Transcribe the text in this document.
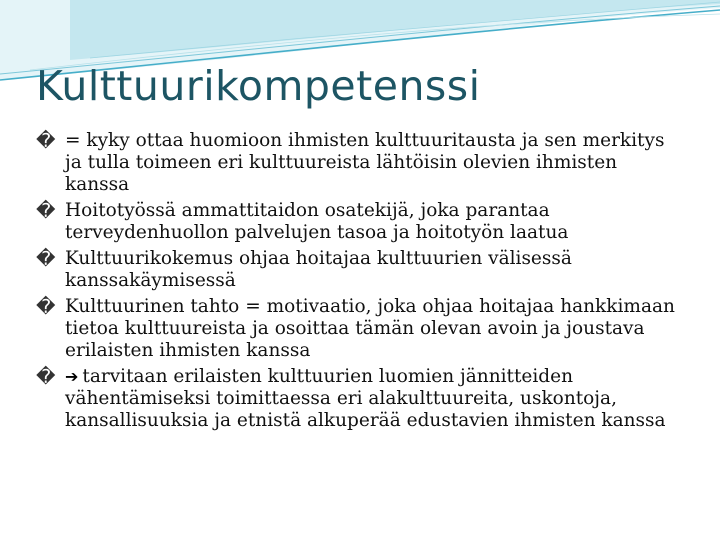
Kulttuurikompetenssi
� = kyky ottaa huomioon ihmisten kulttuuritausta ja sen merkitys ja tulla toimeen eri kulttuureista lähtöisin olevien ihmisten kanssa
� Hoitotyössä ammattitaidon osatekijä, joka parantaa terveydenhuollon palvelujen tasoa ja hoitotyön laatua
� Kulttuurikokemus ohjaa hoitajaa kulttuurien välisessä kanssakäymisessä
� Kulttuurinen tahto = motivaatio, joka ohjaa hoitajaa hankkimaan tietoa kulttuureista ja osoittaa tämän olevan avoin ja joustava erilaisten ihmisten kanssa
� ➔ tarvitaan erilaisten kulttuurien luomien jännitteiden vähentämiseksi toimittaessa eri alakulttuureita, uskontoja, kansallisuuksia ja etnistä alkuperää edustavien ihmisten kanssa
